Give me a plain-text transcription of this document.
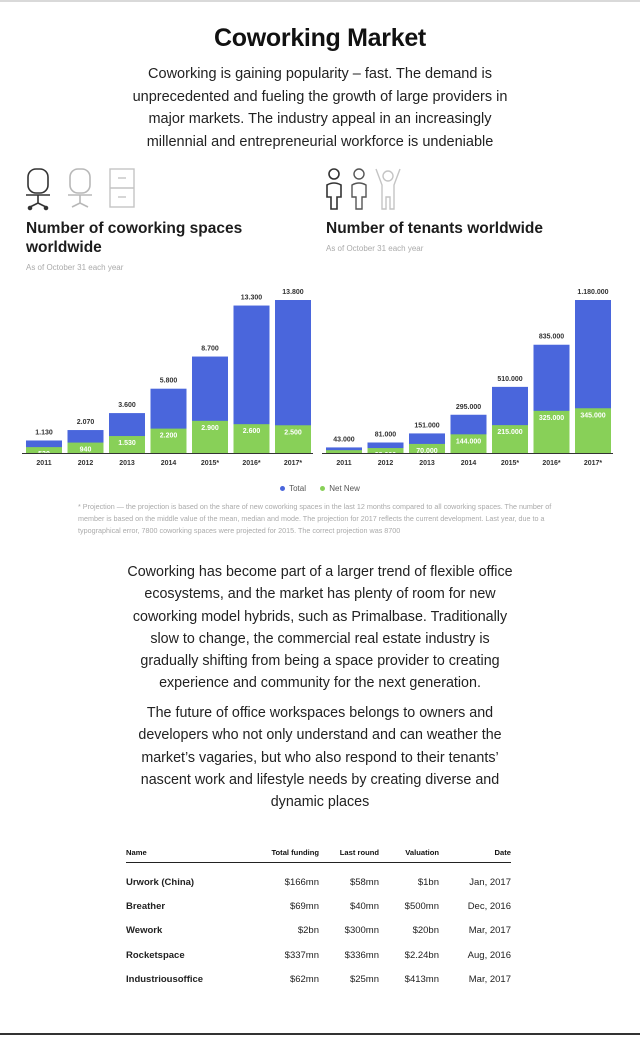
Coworking Market

Coworking is gaining popularity – fast. The demand is unprecedented and fueling the growth of large providers in major markets. The industry appeal in an increasingly millennial and entrepreneurial workforce is undeniable

Number of coworking spaces worldwide
As of October 31 each year
1.130
530
2011
2.070
940
2012
3.600
1.530
2013
5.800
2.200
2014
8.700
2.900
2015*
13.300
2.600
2016*
13.800
2.500
2017*
Number of tenants worldwide
As of October 31 each year
43.000
22.000
2011
81.000
38.000
2012
151.000
70.000
2013
295.000
144.000
2014
510.000
215.000
2015*
835.000
325.000
2016*
1.180.000
345.000
2017*
Total	Net New

* Projection — the projection is based on the share of new coworking spaces in the last 12 months compared to all coworking spaces. The number of member is based on the middle value of the mean, median and mode. The projection for 2017 reflects the current development. Last year, due to a typographical error, 7800 coworking spaces were projected for 2015. The correct projection was 8700

Coworking has become part of a larger trend of flexible office ecosystems, and the market has plenty of room for new coworking model hybrids, such as Primalbase. Traditionally slow to change, the commercial real estate industry is gradually shifting from being a space provider to creating experience and community for the next generation.

The future of office workspaces belongs to owners and developers who not only understand and can weather the market’s vagaries, but who also respond to their tenants’ nascent work and lifestyle needs by creating diverse and dynamic places

Name	Total funding	Last round	Valuation	Date
Urwork (China)	$166mn	$58mn	$1bn	Jan, 2017
Breather	$69mn	$40mn	$500mn	Dec, 2016
Wework	$2bn	$300mn	$20bn	Mar, 2017
Rocketspace	$337mn	$336mn	$2.24bn	Aug, 2016
Industriousoffice	$62mn	$25mn	$413mn	Mar, 2017
